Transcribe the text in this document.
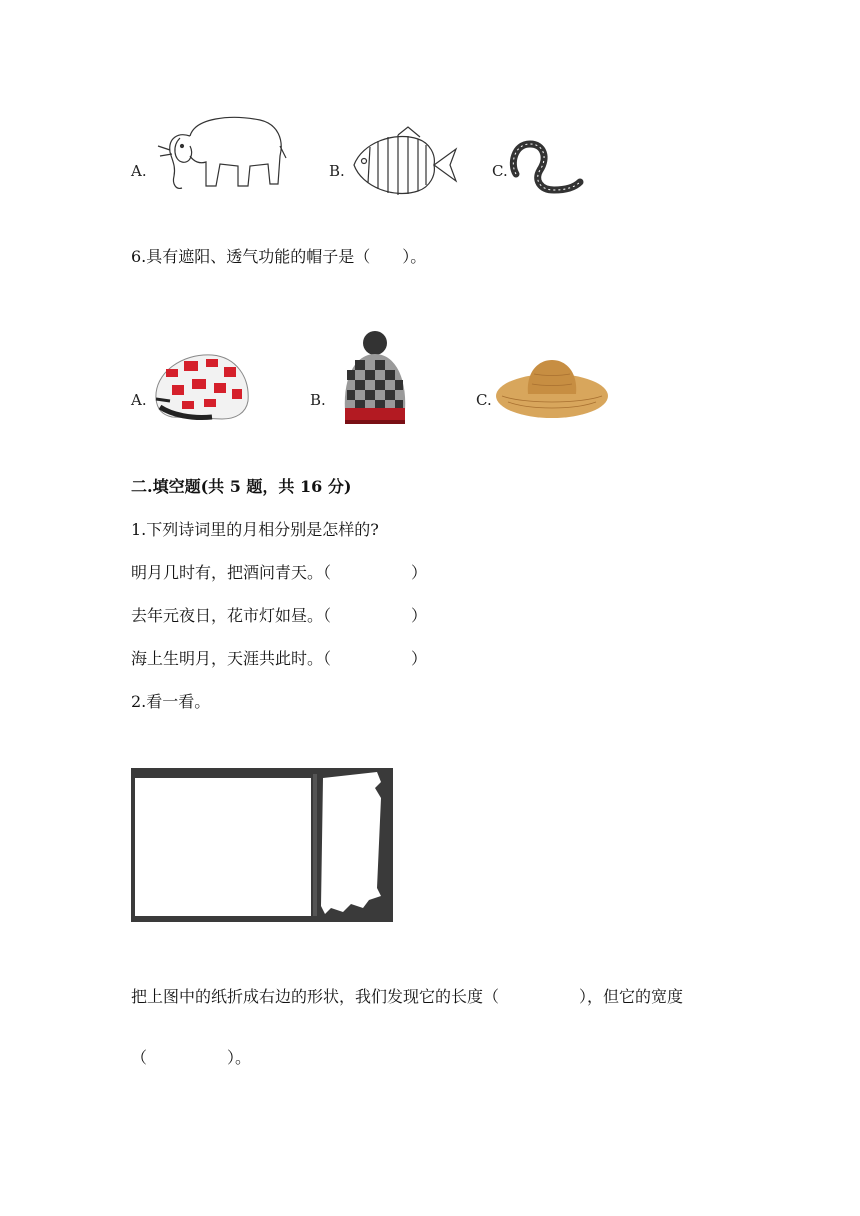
A.	B.	C.
6.具有遮阳、透气功能的帽子是（　　）。
A.	B.	C.
二.填空题(共 5 题，共 16 分)
1.下列诗词里的月相分别是怎样的?
明月几时有，把酒问青天。（　　　　　）
去年元夜日，花市灯如昼。（　　　　　）
海上生明月，天涯共此时。（　　　　　）
2.看一看。
把上图中的纸折成右边的形状，我们发现它的长度（　　　　　），但它的宽度
（　　　　　）。
